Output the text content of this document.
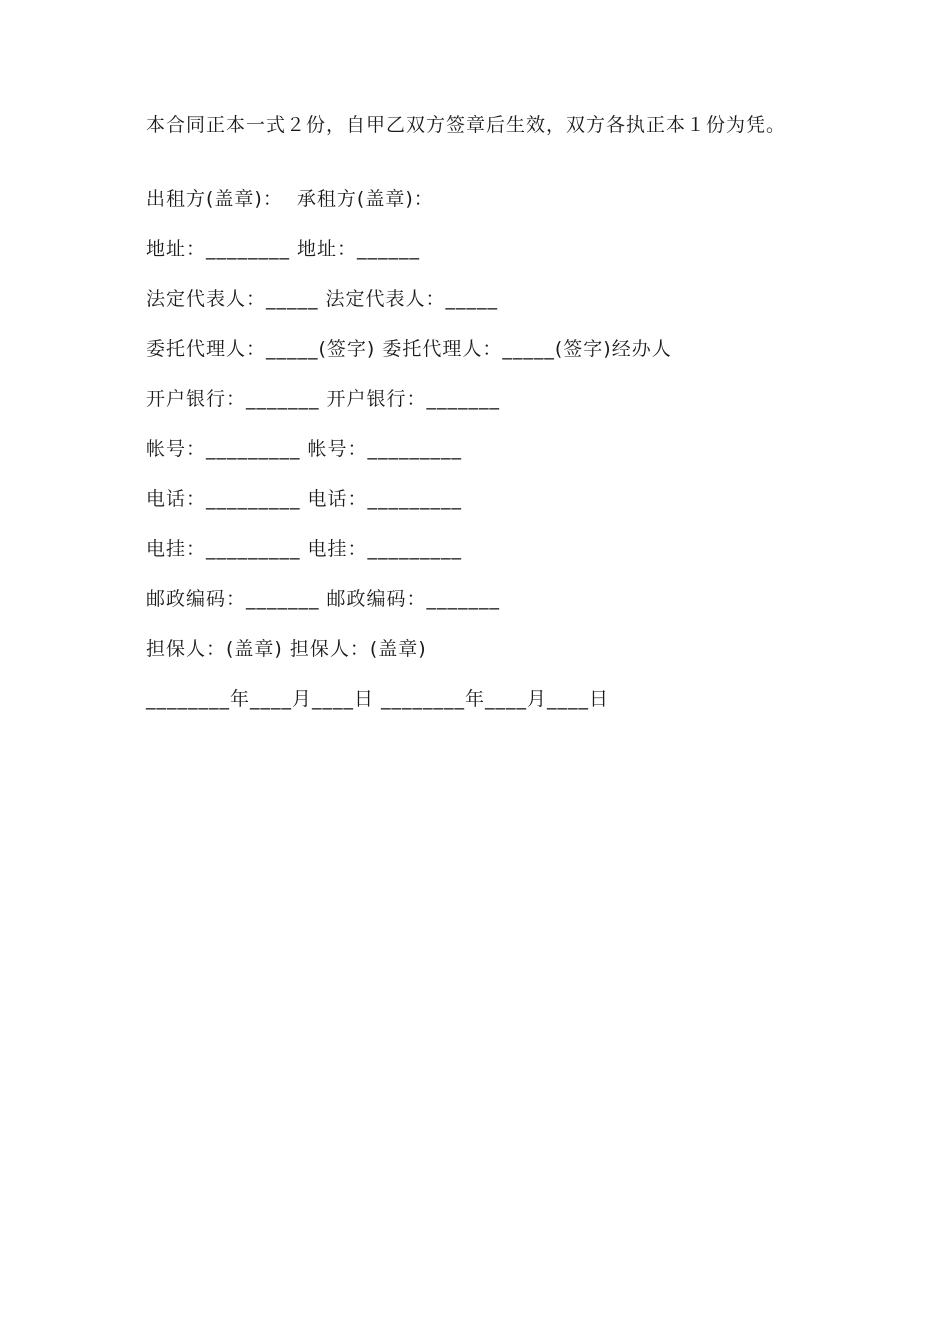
本合同正本一式２份，自甲乙双方签章后生效，双方各执正本１份为凭。
出租方(盖章)：  承租方(盖章)：
地址：________ 地址：______
法定代表人：_____ 法定代表人：_____
委托代理人：_____(签字) 委托代理人：_____(签字)经办人
开户银行：_______ 开户银行：_______
帐号：_________ 帐号：_________
电话：_________ 电话：_________
电挂：_________ 电挂：_________
邮政编码：_______ 邮政编码：_______
担保人：(盖章) 担保人：(盖章)
________年____月____日 ________年____月____日
